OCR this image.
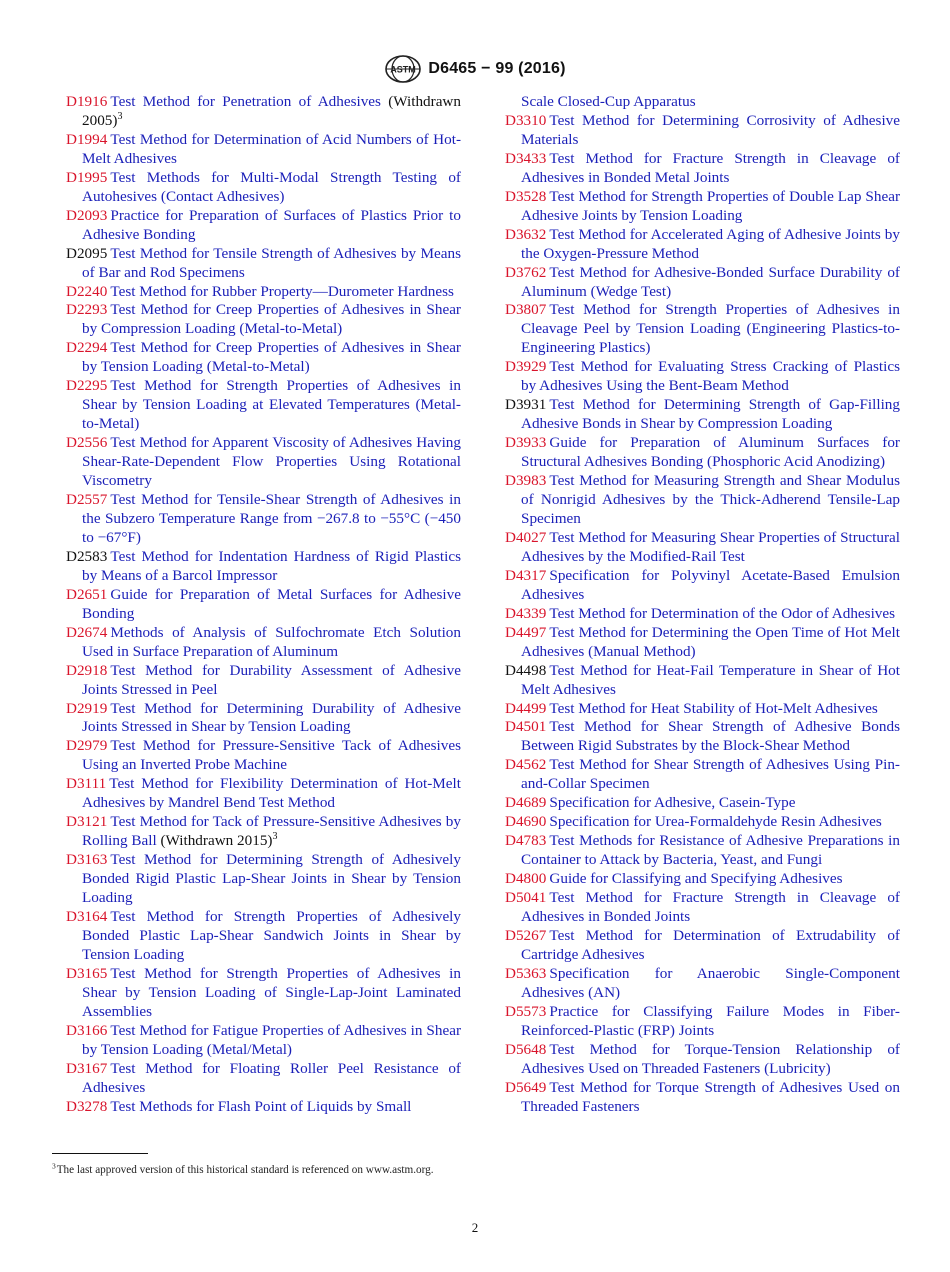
ASTM D6465 − 99 (2016)

D1916  Test Method for Penetration of Adhesives (Withdrawn 2005)$^3$

D1994  Test Method for Determination of Acid Numbers of Hot-Melt Adhesives

D1995  Test Methods for Multi-Modal Strength Testing of Autohesives (Contact Adhesives)

D2093  Practice for Preparation of Surfaces of Plastics Prior to Adhesive Bonding

D2095  Test Method for Tensile Strength of Adhesives by Means of Bar and Rod Specimens

D2240  Test Method for Rubber Property—Durometer Hardness

D2293  Test Method for Creep Properties of Adhesives in Shear by Compression Loading (Metal-to-Metal)

D2294  Test Method for Creep Properties of Adhesives in Shear by Tension Loading (Metal-to-Metal)

D2295  Test Method for Strength Properties of Adhesives in Shear by Tension Loading at Elevated Temperatures (Metal-to-Metal)

D2556  Test Method for Apparent Viscosity of Adhesives Having Shear-Rate-Dependent Flow Properties Using Rotational Viscometry

D2557  Test Method for Tensile-Shear Strength of Adhesives in the Subzero Temperature Range from −267.8 to −55°C (−450 to −67°F)

D2583  Test Method for Indentation Hardness of Rigid Plastics by Means of a Barcol Impressor

D2651  Guide for Preparation of Metal Surfaces for Adhesive Bonding

D2674  Methods of Analysis of Sulfochromate Etch Solution Used in Surface Preparation of Aluminum

D2918  Test Method for Durability Assessment of Adhesive Joints Stressed in Peel

D2919  Test Method for Determining Durability of Adhesive Joints Stressed in Shear by Tension Loading

D2979  Test Method for Pressure-Sensitive Tack of Adhesives Using an Inverted Probe Machine

D3111  Test Method for Flexibility Determination of Hot-Melt Adhesives by Mandrel Bend Test Method

D3121  Test Method for Tack of Pressure-Sensitive Adhesives by Rolling Ball (Withdrawn 2015)$^3$

D3163  Test Method for Determining Strength of Adhesively Bonded Rigid Plastic Lap-Shear Joints in Shear by Tension Loading

D3164  Test Method for Strength Properties of Adhesively Bonded Plastic Lap-Shear Sandwich Joints in Shear by Tension Loading

D3165  Test Method for Strength Properties of Adhesives in Shear by Tension Loading of Single-Lap-Joint Laminated Assemblies

D3166  Test Method for Fatigue Properties of Adhesives in Shear by Tension Loading (Metal/Metal)

D3167  Test Method for Floating Roller Peel Resistance of Adhesives

D3278  Test Methods for Flash Point of Liquids by Small

Scale Closed-Cup Apparatus

D3310  Test Method for Determining Corrosivity of Adhesive Materials

D3433  Test Method for Fracture Strength in Cleavage of Adhesives in Bonded Metal Joints

D3528  Test Method for Strength Properties of Double Lap Shear Adhesive Joints by Tension Loading

D3632  Test Method for Accelerated Aging of Adhesive Joints by the Oxygen-Pressure Method

D3762  Test Method for Adhesive-Bonded Surface Durability of Aluminum (Wedge Test)

D3807  Test Method for Strength Properties of Adhesives in Cleavage Peel by Tension Loading (Engineering Plastics-to-Engineering Plastics)

D3929  Test Method for Evaluating Stress Cracking of Plastics by Adhesives Using the Bent-Beam Method

D3931  Test Method for Determining Strength of Gap-Filling Adhesive Bonds in Shear by Compression Loading

D3933  Guide for Preparation of Aluminum Surfaces for Structural Adhesives Bonding (Phosphoric Acid Anodizing)

D3983  Test Method for Measuring Strength and Shear Modulus of Nonrigid Adhesives by the Thick-Adherend Tensile-Lap Specimen

D4027  Test Method for Measuring Shear Properties of Structural Adhesives by the Modified-Rail Test

D4317  Specification for Polyvinyl Acetate-Based Emulsion Adhesives

D4339  Test Method for Determination of the Odor of Adhesives

D4497  Test Method for Determining the Open Time of Hot Melt Adhesives (Manual Method)

D4498  Test Method for Heat-Fail Temperature in Shear of Hot Melt Adhesives

D4499  Test Method for Heat Stability of Hot-Melt Adhesives

D4501  Test Method for Shear Strength of Adhesive Bonds Between Rigid Substrates by the Block-Shear Method

D4562  Test Method for Shear Strength of Adhesives Using Pin-and-Collar Specimen

D4689  Specification for Adhesive, Casein-Type

D4690  Specification for Urea-Formaldehyde Resin Adhesives

D4783  Test Methods for Resistance of Adhesive Preparations in Container to Attack by Bacteria, Yeast, and Fungi

D4800  Guide for Classifying and Specifying Adhesives

D5041  Test Method for Fracture Strength in Cleavage of Adhesives in Bonded Joints

D5267  Test Method for Determination of Extrudability of Cartridge Adhesives

D5363  Specification for Anaerobic Single-Component Adhesives (AN)

D5573  Practice for Classifying Failure Modes in Fiber-Reinforced-Plastic (FRP) Joints

D5648  Test Method for Torque-Tension Relationship of Adhesives Used on Threaded Fasteners (Lubricity)

D5649  Test Method for Torque Strength of Adhesives Used on Threaded Fasteners

$^3$ The last approved version of this historical standard is referenced on www.astm.org.
2
